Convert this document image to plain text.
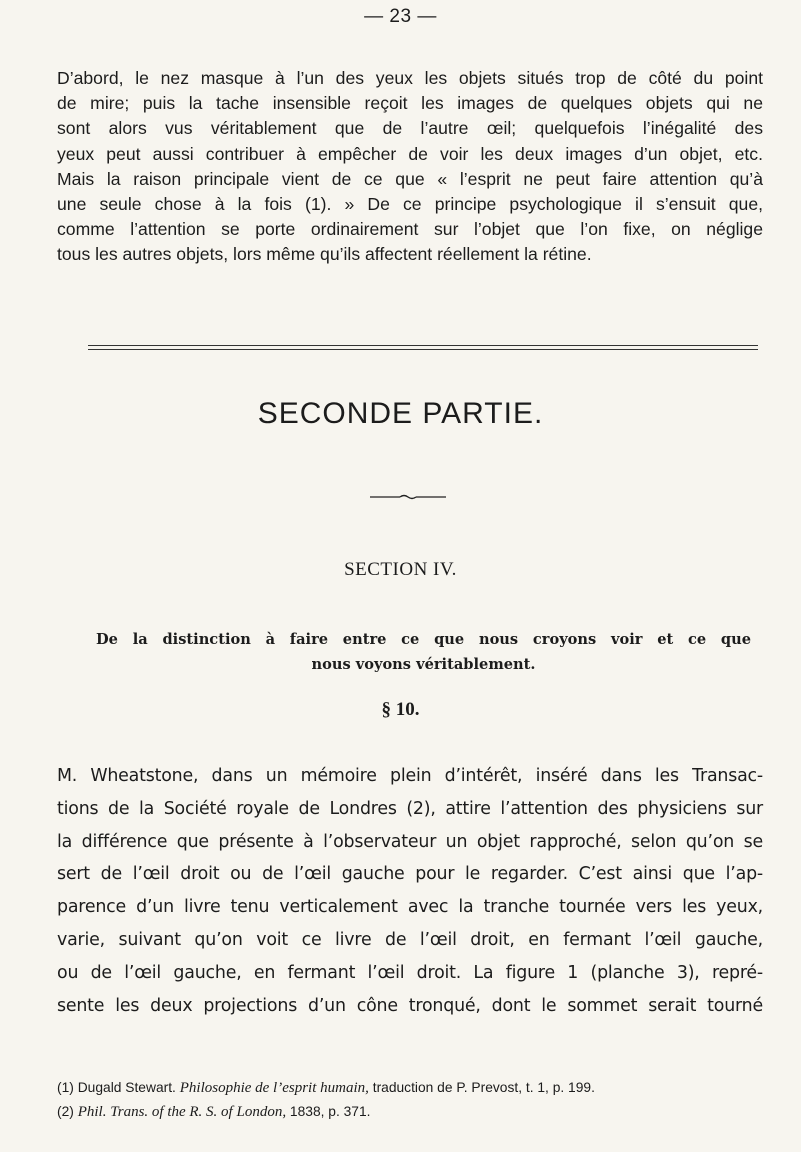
— 23 —
D’abord, le nez masque à l’un des yeux les objets situés trop de côté du point
de mire; puis la tache insensible reçoit les images de quelques objets qui ne
sont alors vus véritablement que de l’autre œil; quelquefois l’inégalité des
yeux peut aussi contribuer à empêcher de voir les deux images d’un objet, etc.
Mais la raison principale vient de ce que « l’esprit ne peut faire attention qu’à
une seule chose à la fois (1). » De ce principe psychologique il s’ensuit que,
comme l’attention se porte ordinairement sur l’objet que l’on fixe, on néglige
tous les autres objets, lors même qu’ils affectent réellement la rétine.
SECONDE PARTIE.
SECTION IV.
De la distinction à faire entre ce que nous croyons voir et ce que
nous voyons véritablement.
§ 10.
M. Wheatstone, dans un mémoire plein d’intérêt, inséré dans les Transac-
tions de la Société royale de Londres (2), attire l’attention des physiciens sur
la différence que présente à l’observateur un objet rapproché, selon qu’on se
sert de l’œil droit ou de l’œil gauche pour le regarder. C’est ainsi que l’ap-
parence d’un livre tenu verticalement avec la tranche tournée vers les yeux,
varie, suivant qu’on voit ce livre de l’œil droit, en fermant l’œil gauche,
ou de l’œil gauche, en fermant l’œil droit. La figure 1 (planche 3), repré-
sente les deux projections d’un cône tronqué, dont le sommet serait tourné
(1) Dugald Stewart. Philosophie de l’esprit humain, traduction de P. Prevost, t. 1, p. 199.
(2) Phil. Trans. of the R. S. of London, 1838, p. 371.
